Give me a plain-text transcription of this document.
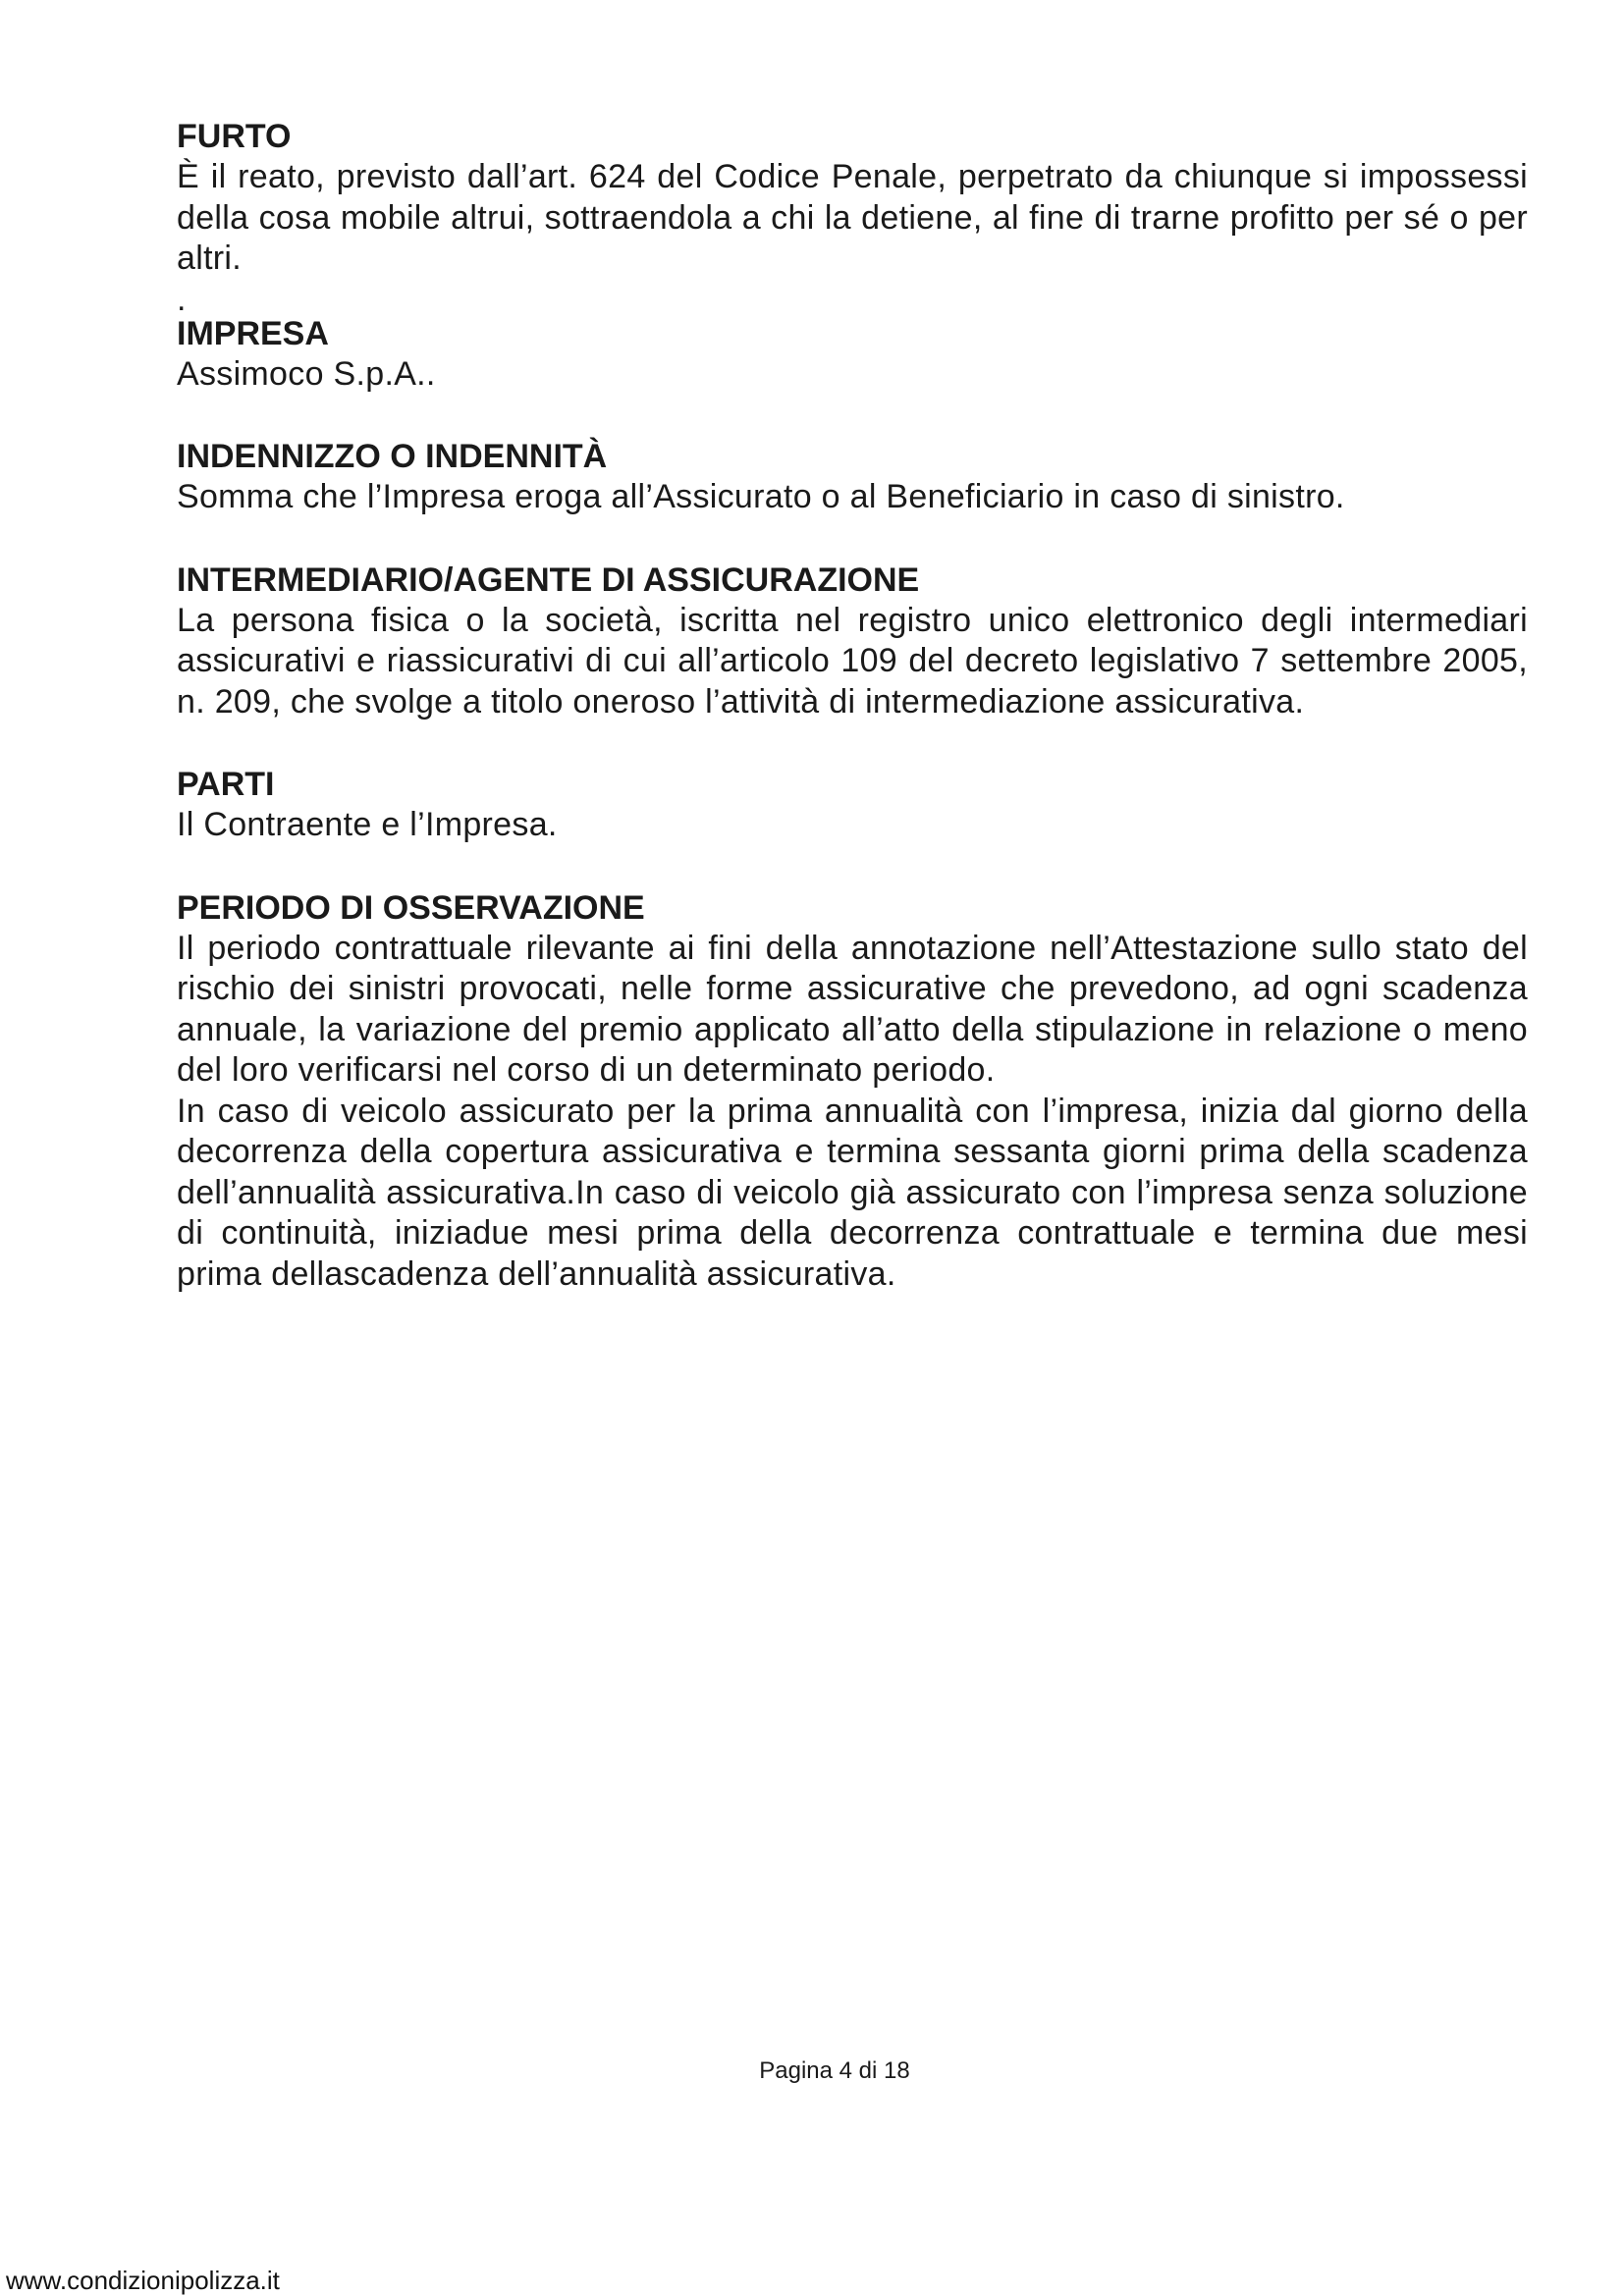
FURTO

È il reato, previsto dall’art. 624 del Codice Penale, perpetrato da chiunque si impossessi della cosa mobile altrui, sottraendola a chi la detiene, al fine di trarne profitto per sé o per altri.

.

IMPRESA

Assimoco S.p.A..

INDENNIZZO O INDENNITÀ

Somma che l’Impresa eroga all’Assicurato o al Beneficiario in caso di sinistro.

INTERMEDIARIO/AGENTE DI ASSICURAZIONE

La persona fisica o la società, iscritta nel registro unico elettronico degli intermediari assicurativi e riassicurativi di cui all’articolo 109 del decreto legislativo 7 settembre 2005, n. 209, che svolge a titolo oneroso l’attività di intermediazione assicurativa.

PARTI

Il Contraente e l’Impresa.

PERIODO DI OSSERVAZIONE

Il periodo contrattuale rilevante ai fini della annotazione nell’Attestazione sullo stato del rischio dei sinistri provocati, nelle forme assicurative che prevedono, ad ogni scadenza annuale, la variazione del premio applicato all’atto della stipulazione in relazione o meno del loro verificarsi nel corso di un determinato periodo.

In caso di veicolo assicurato per la prima annualità con l’impresa, inizia dal giorno della decorrenza della copertura assicurativa e termina sessanta giorni prima della scadenza dell’annualità assicurativa.In caso di veicolo già assicurato con l’impresa senza soluzione di continuità, iniziadue mesi prima della decorrenza contrattuale e termina due mesi prima dellascadenza dell’annualità assicurativa.

Pagina 4 di 18
www.condizionipolizza.it
